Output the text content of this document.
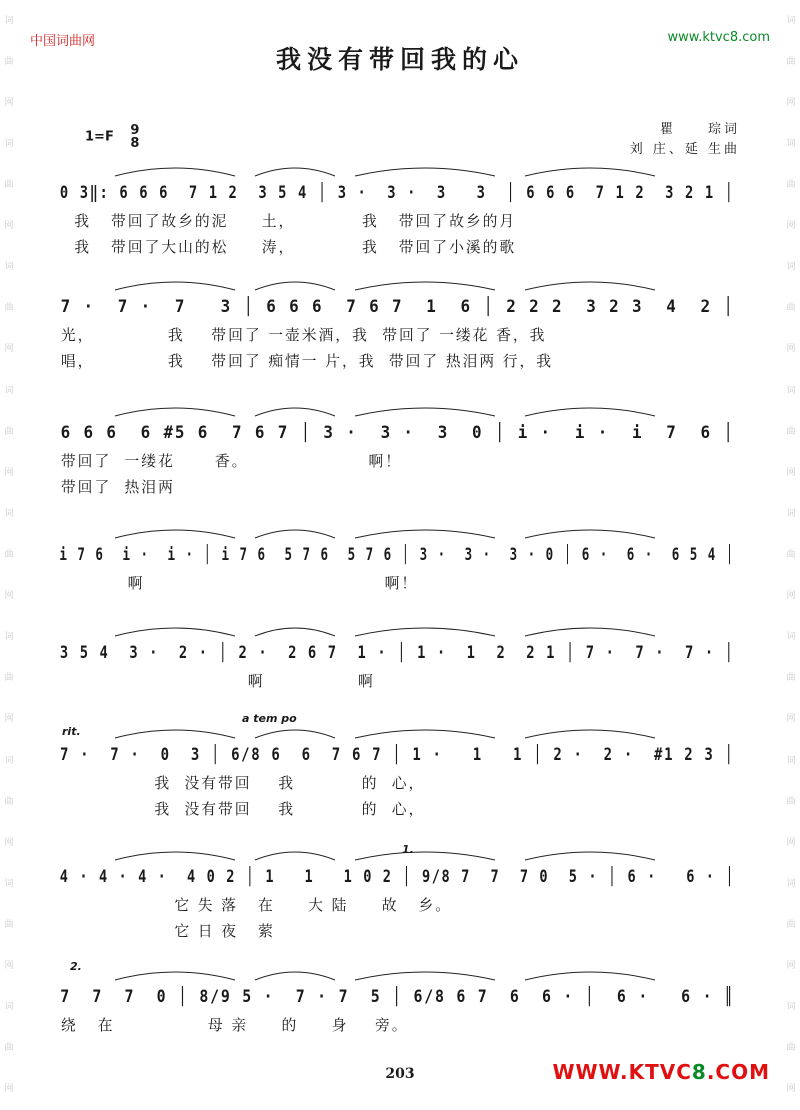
词
曲
网
词
曲
网
词
曲
网
词
曲
网
词
曲
网
词
曲
网
词
曲
网
词
曲
网
词
曲
网
词
曲
网
词
曲
网
词
曲
网
词
曲
网
词
曲
网
词
曲
网
词
曲
网
词
曲
网
词
曲
网
中国词曲网	www.ktvc8.com
我没有带回我的心
1=F 9
8
瞿　　琮词
刘 庄、延 生曲
0 3‖: 6 6 6  7 1 2  3 5 4 │ 3 ·  3 ·  3   3  │ 6 6 6  7 1 2  3 2 1 │
我   带回了故乡的泥     土，          我   带回了故乡的月
我   带回了大山的松     涛，          我   带回了小溪的歌
7 ·  7 ·  7   3 │ 6 6 6  7 6 7  1  6 │ 2 2 2  3 2 3  4  2 │
光，           我    带回了 一壶米酒，我  带回了 一缕花 香，我
唱，           我    带回了 痴情一 片，我  带回了 热泪两 行，我
6 6 6  6 #5 6  7 6 7 │ 3 ·  3 ·  3  0 │ i ·  i ·  i  7  6 │
带回了  一缕花      香。                  啊！
带回了  热泪两
i 7 6  i ·  i · │ i 7 6  5 7 6  5 7 6 │ 3 ·  3 ·  3 · 0 │ 6 ·  6 ·  6 5 4 │
啊                                    啊！
3 5 4  3 ·  2 · │ 2 ·  2 6 7  1 · │ 1 ·  1  2  2 1 │ 7 ·  7 ·  7 · │
啊              啊
7 ·  7 ·  0  3 │ 6/8 6  6  7 6 7 │ 1 ·   1   1 │ 2 ·  2 ·  #1 2 3 │
我  没有带回    我          的  心，
我  没有带回    我          的  心，
4 · 4 · 4 ·  4 0 2 │ 1   1   1 0 2 │ 9/8 7  7  7 0  5 · │ 6 ·   6 · │
它 失 落   在     大 陆     故   乡。
它 日 夜   萦
7  7  7  0 │ 8/9 5 ·  7 · 7  5 │ 6/8 6 7  6  6 · │  6 ·   6 · ║
绕   在              母 亲     的     身    旁。
rit.
a tem po
1.
2.
203	WWW.KTVC8.COM
